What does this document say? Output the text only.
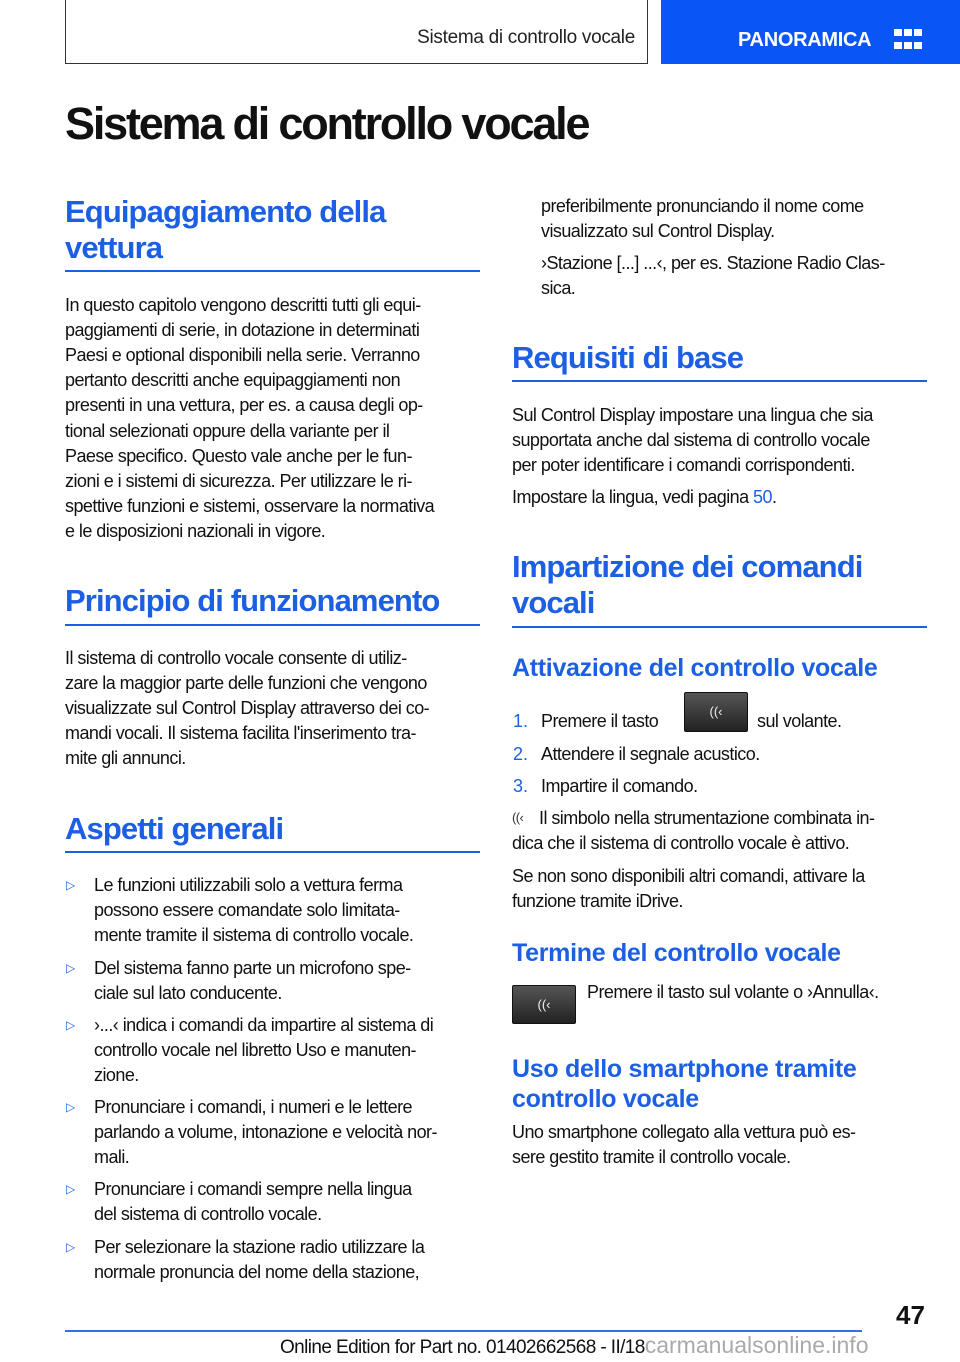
Sistema di controllo vocale	PANORAMICA
Sistema di controllo vocale
Equipaggiamento della
vettura
In questo capitolo vengono descritti tutti gli equi-
paggiamenti di serie, in dotazione in determinati
Paesi e optional disponibili nella serie. Verranno
pertanto descritti anche equipaggiamenti non
presenti in una vettura, per es. a causa degli op-
tional selezionati oppure della variante per il
Paese specifico. Questo vale anche per le fun-
zioni e i sistemi di sicurezza. Per utilizzare le ri-
spettive funzioni e sistemi, osservare la normativa
e le disposizioni nazionali in vigore.
Principio di funzionamento
Il sistema di controllo vocale consente di utiliz-
zare la maggior parte delle funzioni che vengono
visualizzate sul Control Display attraverso dei co-
mandi vocali. Il sistema facilita l'inserimento tra-
mite gli annunci.
Aspetti generali
▷ Le funzioni utilizzabili solo a vettura ferma
possono essere comandate solo limitata-
mente tramite il sistema di controllo vocale.
▷ Del sistema fanno parte un microfono spe-
ciale sul lato conducente.
▷ ›...‹ indica i comandi da impartire al sistema di
controllo vocale nel libretto Uso e manuten-
zione.
▷ Pronunciare i comandi, i numeri e le lettere
parlando a volume, intonazione e velocità nor-
mali.
▷ Pronunciare i comandi sempre nella lingua
del sistema di controllo vocale.
▷ Per selezionare la stazione radio utilizzare la
normale pronuncia del nome della stazione,
preferibilmente pronunciando il nome come
visualizzato sul Control Display.
›Stazione [...] ...‹, per es. Stazione Radio Clas-
sica.
Requisiti di base
Sul Control Display impostare una lingua che sia
supportata anche dal sistema di controllo vocale
per poter identificare i comandi corrispondenti.
Impostare la lingua, vedi pagina 50.
Impartizione dei comandi
vocali
Attivazione del controllo vocale
1. Premere il tasto	((‹	sul volante.
2. Attendere il segnale acustico.
3. Impartire il comando.
((‹ Il simbolo nella strumentazione combinata in-
dica che il sistema di controllo vocale è attivo.
Se non sono disponibili altri comandi, attivare la
funzione tramite iDrive.
Termine del controllo vocale
((‹
Premere il tasto sul volante o ›Annulla‹.
Uso dello smartphone tramite
controllo vocale
Uno smartphone collegato alla vettura può es-
sere gestito tramite il controllo vocale.
47
Online Edition for Part no. 01402662568 - II/18carmanualsonline.info
